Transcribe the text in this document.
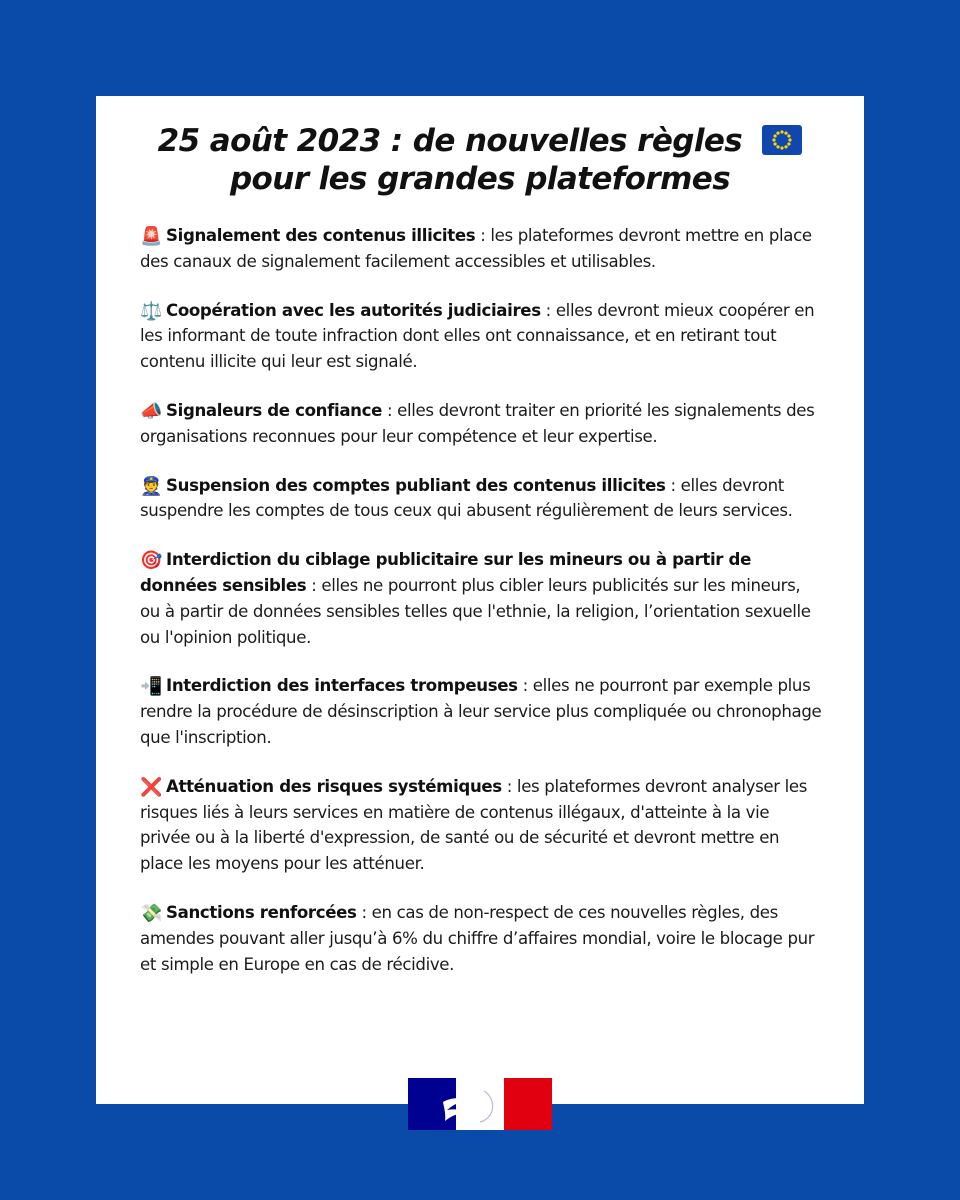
25 août 2023 : de nouvelles règles
pour les grandes plateformes

🚨 Signalement des contenus illicites : les plateformes devront mettre en place des canaux de signalement facilement accessibles et utilisables.

⚖️ Coopération avec les autorités judiciaires : elles devront mieux coopérer en les informant de toute infraction dont elles ont connaissance, et en retirant tout contenu illicite qui leur est signalé.

📣 Signaleurs de confiance : elles devront traiter en priorité les signalements des organisations reconnues pour leur compétence et leur expertise.

👮 Suspension des comptes publiant des contenus illicites : elles devront suspendre les comptes de tous ceux qui abusent régulièrement de leurs services.

🎯 Interdiction du ciblage publicitaire sur les mineurs ou à partir de données sensibles : elles ne pourront plus cibler leurs publicités sur les mineurs, ou à partir de données sensibles telles que l'ethnie, la religion, l’orientation sexuelle ou l'opinion politique.

📲 Interdiction des interfaces trompeuses : elles ne pourront par exemple plus rendre la procédure de désinscription à leur service plus compliquée ou chronophage que l'inscription.

❌ Atténuation des risques systémiques : les plateformes devront analyser les risques liés à leurs services en matière de contenus illégaux, d'atteinte à la vie privée ou à la liberté d'expression, de santé ou de sécurité et devront mettre en place les moyens pour les atténuer.

💸 Sanctions renforcées : en cas de non-respect de ces nouvelles règles, des amendes pouvant aller jusqu’à 6% du chiffre d’affaires mondial, voire le blocage pur et simple en Europe en cas de récidive.
